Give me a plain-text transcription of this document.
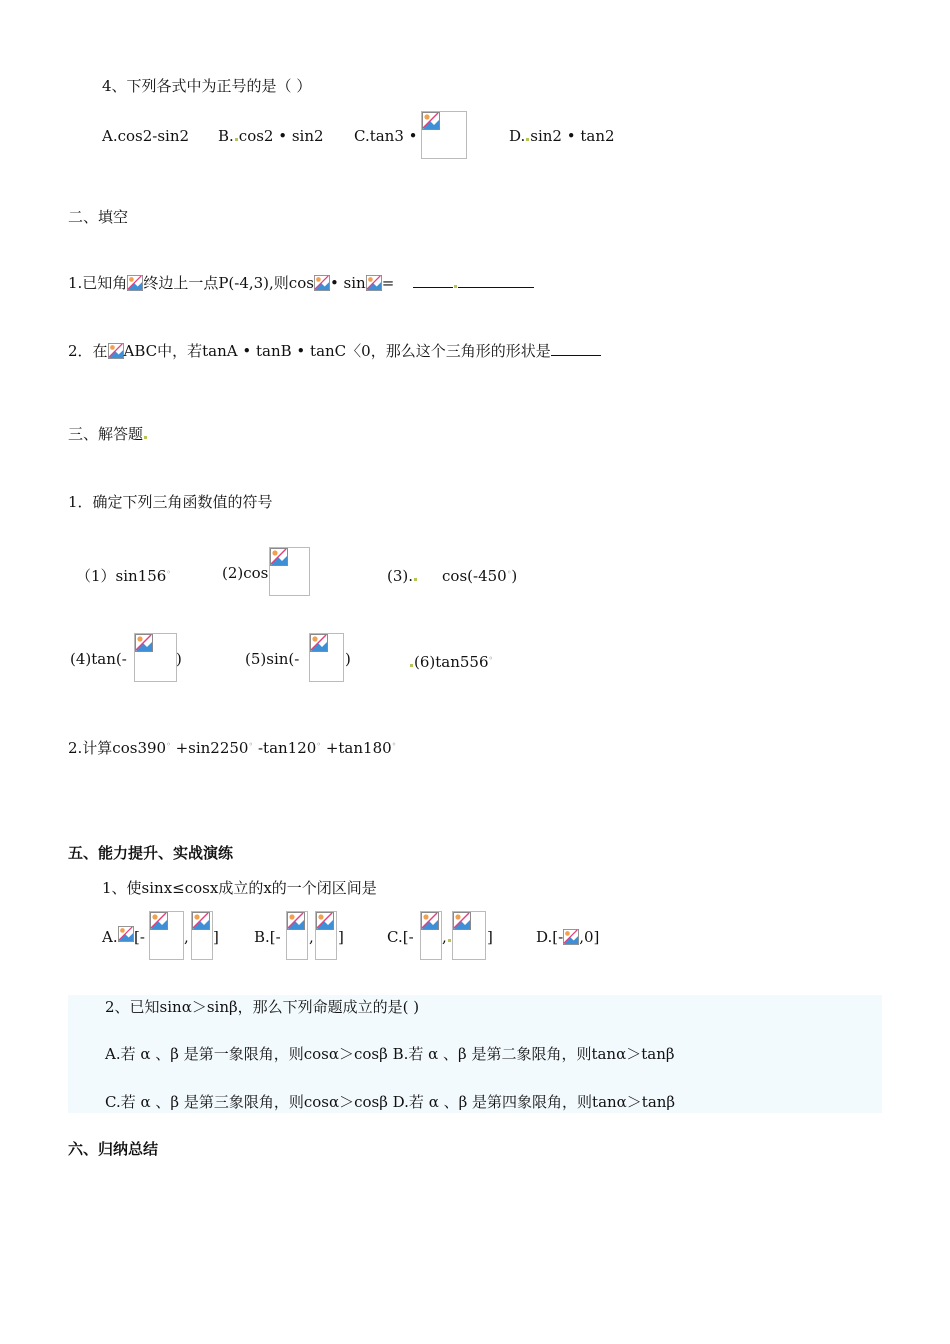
4、下列各式中为正号的是（ ）
A.cos2-sin2 B. cos2 • sin2 C.tan3 •	D. sin2 • tan2
二、填空
1.已知角 终边上一点P(-4,3),则cos • sin =
2．在 ABC中，若tanA • tanB • tanC〈0，那么这个三角形的形状是
三、解答题
1．确定下列三角函数值的符号
（1）sin156◦	(2)cos	(3). cos(-450◦)
(4)tan(-	)	(5)sin(-	)	(6)tan556◦
2.计算cos390◦ +sin2250◦ -tan120◦ +tan180◦
五、能力提升、实战演练
1、使sinx≤cosx成立的x的一个闭区间是
A. [-	, ] B.[- , ]	C.[- ,	]	D.[- ,0]
2、已知sinα＞sinβ，那么下列命题成立的是( )
A.若 α 、β 是第一象限角，则cosα＞cosβ B.若 α 、β 是第二象限角，则tanα＞tanβ
C.若 α 、β 是第三象限角，则cosα＞cosβ D.若 α 、β 是第四象限角，则tanα＞tanβ
六、归纳总结
